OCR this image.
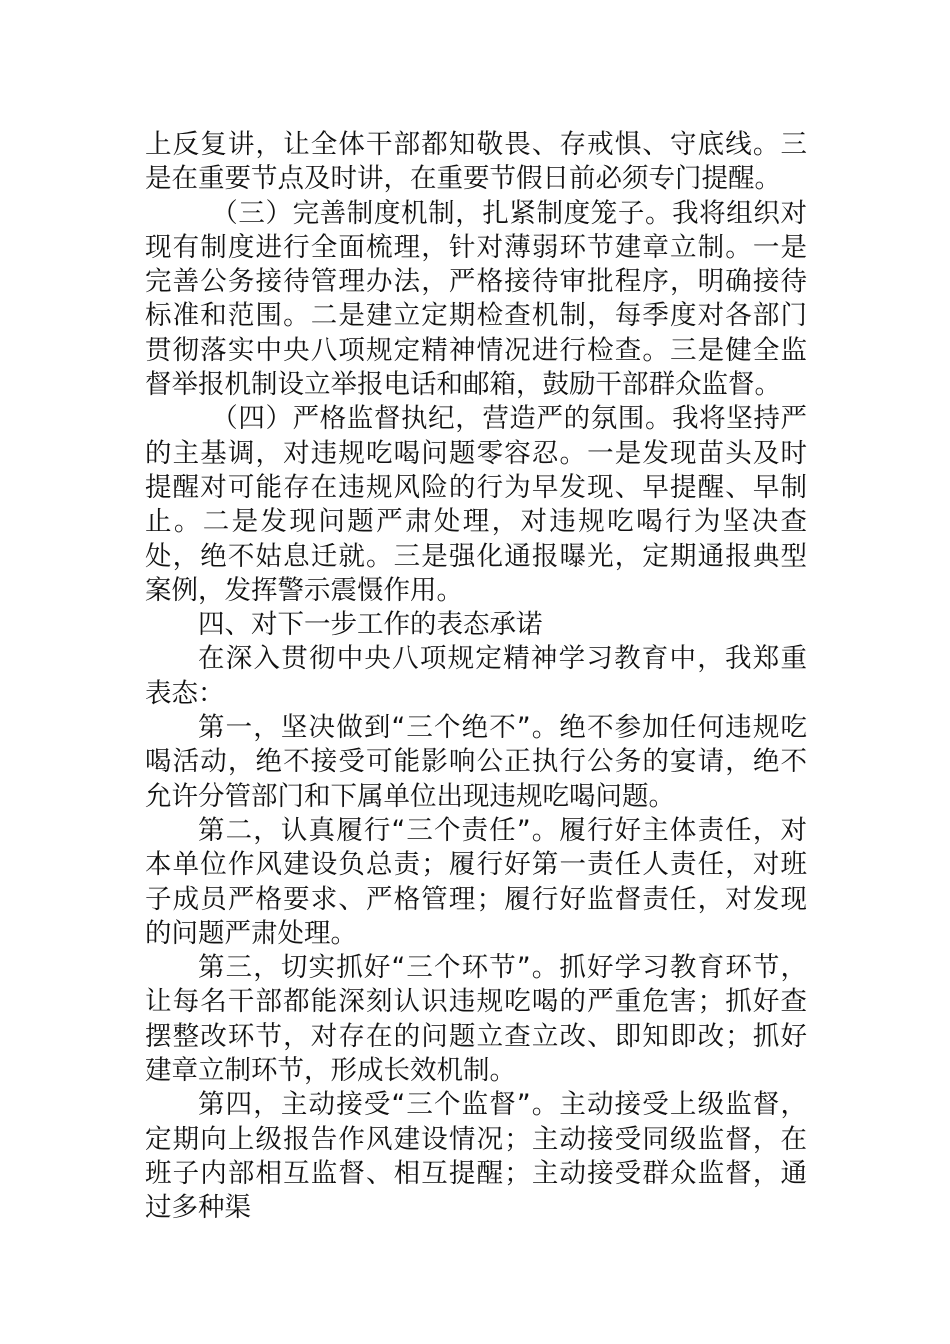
上反复讲，让全体干部都知敬畏、存戒惧、守底线。三是在重要节点及时讲，在重要节假日前必须专门提醒。

（三）完善制度机制，扎紧制度笼子。我将组织对现有制度进行全面梳理，针对薄弱环节建章立制。一是完善公务接待管理办法，严格接待审批程序，明确接待标准和范围。二是建立定期检查机制，每季度对各部门贯彻落实中央八项规定精神情况进行检查。三是健全监督举报机制设立举报电话和邮箱，鼓励干部群众监督。

（四）严格监督执纪，营造严的氛围。我将坚持严的主基调，对违规吃喝问题零容忍。一是发现苗头及时提醒对可能存在违规风险的行为早发现、早提醒、早制止。二是发现问题严肃处理，对违规吃喝行为坚决查处，绝不姑息迁就。三是强化通报曝光，定期通报典型案例，发挥警示震慑作用。

四、对下一步工作的表态承诺

在深入贯彻中央八项规定精神学习教育中，我郑重表态：

第一，坚决做到“三个绝不”。绝不参加任何违规吃喝活动，绝不接受可能影响公正执行公务的宴请，绝不允许分管部门和下属单位出现违规吃喝问题。

第二，认真履行“三个责任”。履行好主体责任，对本单位作风建设负总责；履行好第一责任人责任，对班子成员严格要求、严格管理；履行好监督责任，对发现的问题严肃处理。

第三，切实抓好“三个环节”。抓好学习教育环节，让每名干部都能深刻认识违规吃喝的严重危害；抓好查摆整改环节，对存在的问题立查立改、即知即改；抓好建章立制环节，形成长效机制。

第四，主动接受“三个监督”。主动接受上级监督，定期向上级报告作风建设情况；主动接受同级监督，在班子内部相互监督、相互提醒；主动接受群众监督，通过多种渠
